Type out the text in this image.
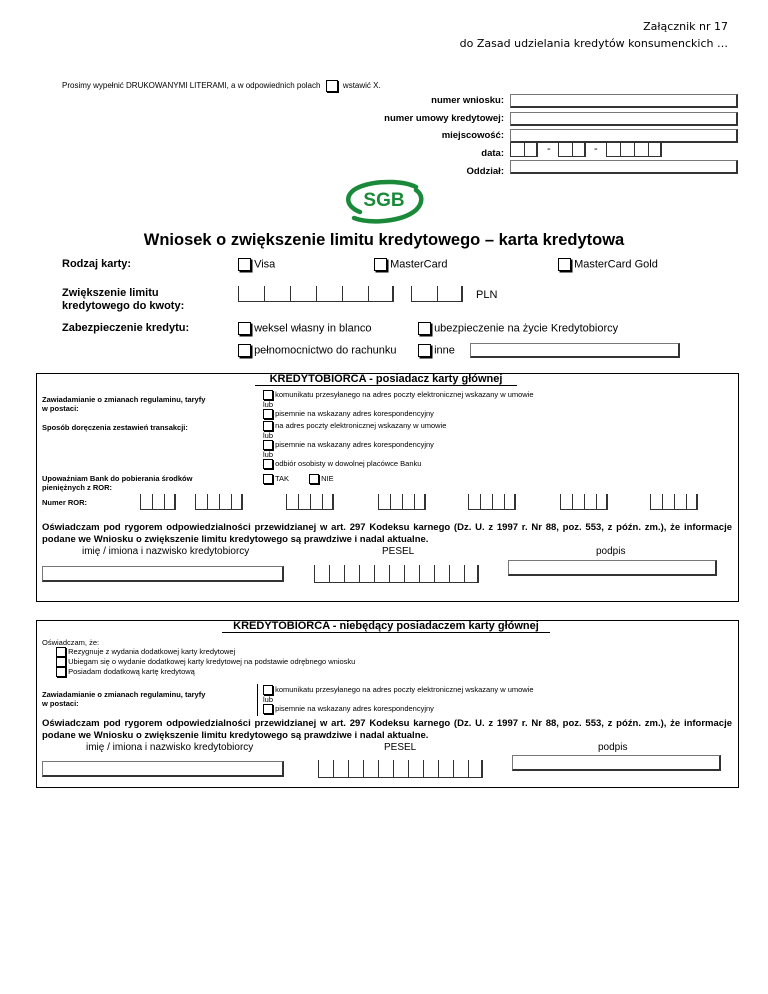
Załącznik nr 17
do Zasad udzielania kredytów konsumenckich …
Prosimy wypełnić DRUKOWANYMI LITERAMI, a w odpowiednich polach	wstawić X.
numer wniosku:
numer umowy kredytowej:
miejscowość:
data:	-	-
Oddział:
SGB
Wniosek o zwiększenie limitu kredytowego – karta kredytowa
Rodzaj karty:	Visa	MasterCard	MasterCard Gold
Zwiększenie limitu
kredytowego do kwoty:
PLN
Zabezpieczenie kredytu:	weksel własny in blanco	ubezpieczenie na życie Kredytobiorcy
pełnomocnictwo do rachunku	inne
KREDYTOBIORCA - posiadacz karty głównej
Zawiadamianie o zmianach regulaminu, taryfy
w postaci:
komunikatu przesyłanego na adres poczty elektronicznej wskazany w umowie
lub
pisemnie na wskazany adres korespondencyjny
Sposób doręczenia zestawień transakcji:	na adres poczty elektronicznej wskazany w umowie
lub
pisemnie na wskazany adres korespondencyjny
lub
odbiór osobisty w dowolnej placówce Banku
Upoważniam Bank do pobierania środków
pieniężnych z ROR:
TAK	NIE
Numer ROR:
Oświadczam pod rygorem odpowiedzialności przewidzianej w art. 297 Kodeksu karnego (Dz. U. z 1997 r. Nr 88, poz. 553, z późn. zm.), że informacje podane we Wniosku o zwiększenie limitu kredytowego są prawdziwe i nadal aktualne.
imię / imiona i nazwisko kredytobiorcy	PESEL	podpis
KREDYTOBIORCA - niebędący posiadaczem karty głównej
Oświadczam, że:
Rezygnuje z wydania dodatkowej karty kredytowej
Ubiegam się o wydanie dodatkowej karty kredytowej na podstawie odrębnego wniosku
Posiadam dodatkową kartę kredytową
Zawiadamianie o zmianach regulaminu, taryfy
w postaci:
komunikatu przesyłanego na adres poczty elektronicznej wskazany w umowie
lub
pisemnie na wskazany adres korespondencyjny
Oświadczam pod rygorem odpowiedzialności przewidzianej w art. 297 Kodeksu karnego (Dz. U. z 1997 r. Nr 88, poz. 553, z późn. zm.), że informacje podane we Wniosku o zwiększenie limitu kredytowego są prawdziwe i nadal aktualne.
imię / imiona i nazwisko kredytobiorcy	PESEL	podpis
